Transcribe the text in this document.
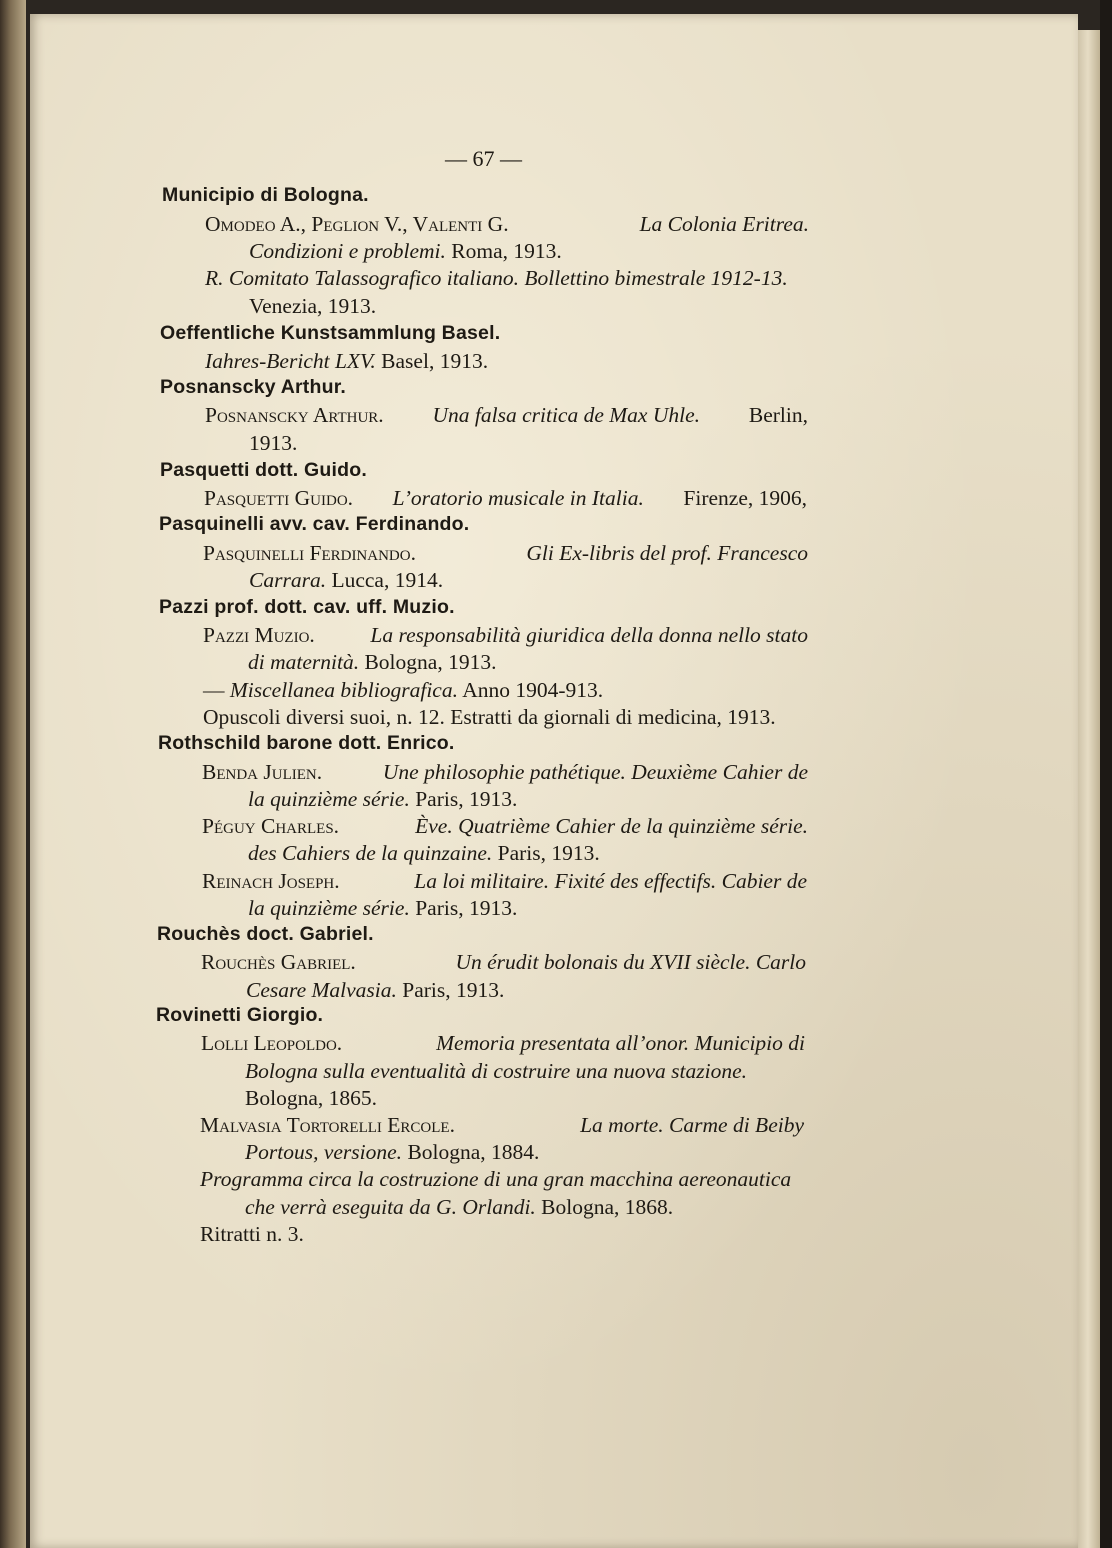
— 67 —
Municipio di Bologna.
Omodeo A., Peglion V., Valenti G.	La Colonia Eritrea.
Condizioni e problemi. Roma, 1913.
R. Comitato Talassografico italiano. Bollettino bimestrale 1912-13.
Venezia, 1913.
Oeffentliche Kunstsammlung Basel.
Iahres-Bericht LXV. Basel, 1913.
Posnanscky Arthur.
Posnanscky Arthur. Una falsa critica de Max Uhle. Berlin,
1913.
Pasquetti dott. Guido.
Pasquetti Guido. L’oratorio musicale in Italia. Firenze, 1906,
Pasquinelli avv. cav. Ferdinando.
Pasquinelli Ferdinando.	Gli Ex-libris del prof. Francesco
Carrara. Lucca, 1914.
Pazzi prof. dott. cav. uff. Muzio.
Pazzi Muzio.	La responsabilità giuridica della donna nello stato
di maternità. Bologna, 1913.
— Miscellanea bibliografica. Anno 1904-913.
Opuscoli diversi suoi, n. 12. Estratti da giornali di medicina, 1913.
Rothschild barone dott. Enrico.
Benda Julien.	Une philosophie pathétique. Deuxième Cahier de
la quinzième série. Paris, 1913.
Péguy Charles.	Ève. Quatrième Cahier de la quinzième série.
des Cahiers de la quinzaine. Paris, 1913.
Reinach Joseph.	La loi militaire. Fixité des effectifs. Cabier de
la quinzième série. Paris, 1913.
Rouchès doct. Gabriel.
Rouchès Gabriel.	Un érudit bolonais du XVII siècle. Carlo
Cesare Malvasia. Paris, 1913.
Rovinetti Giorgio.
Lolli Leopoldo.	Memoria presentata all’onor. Municipio di
Bologna sulla eventualità di costruire una nuova stazione.
Bologna, 1865.
Malvasia Tortorelli Ercole.	La morte. Carme di Beiby
Portous, versione. Bologna, 1884.
Programma circa la costruzione di una gran macchina aereonautica
che verrà eseguita da G. Orlandi. Bologna, 1868.
Ritratti n. 3.
